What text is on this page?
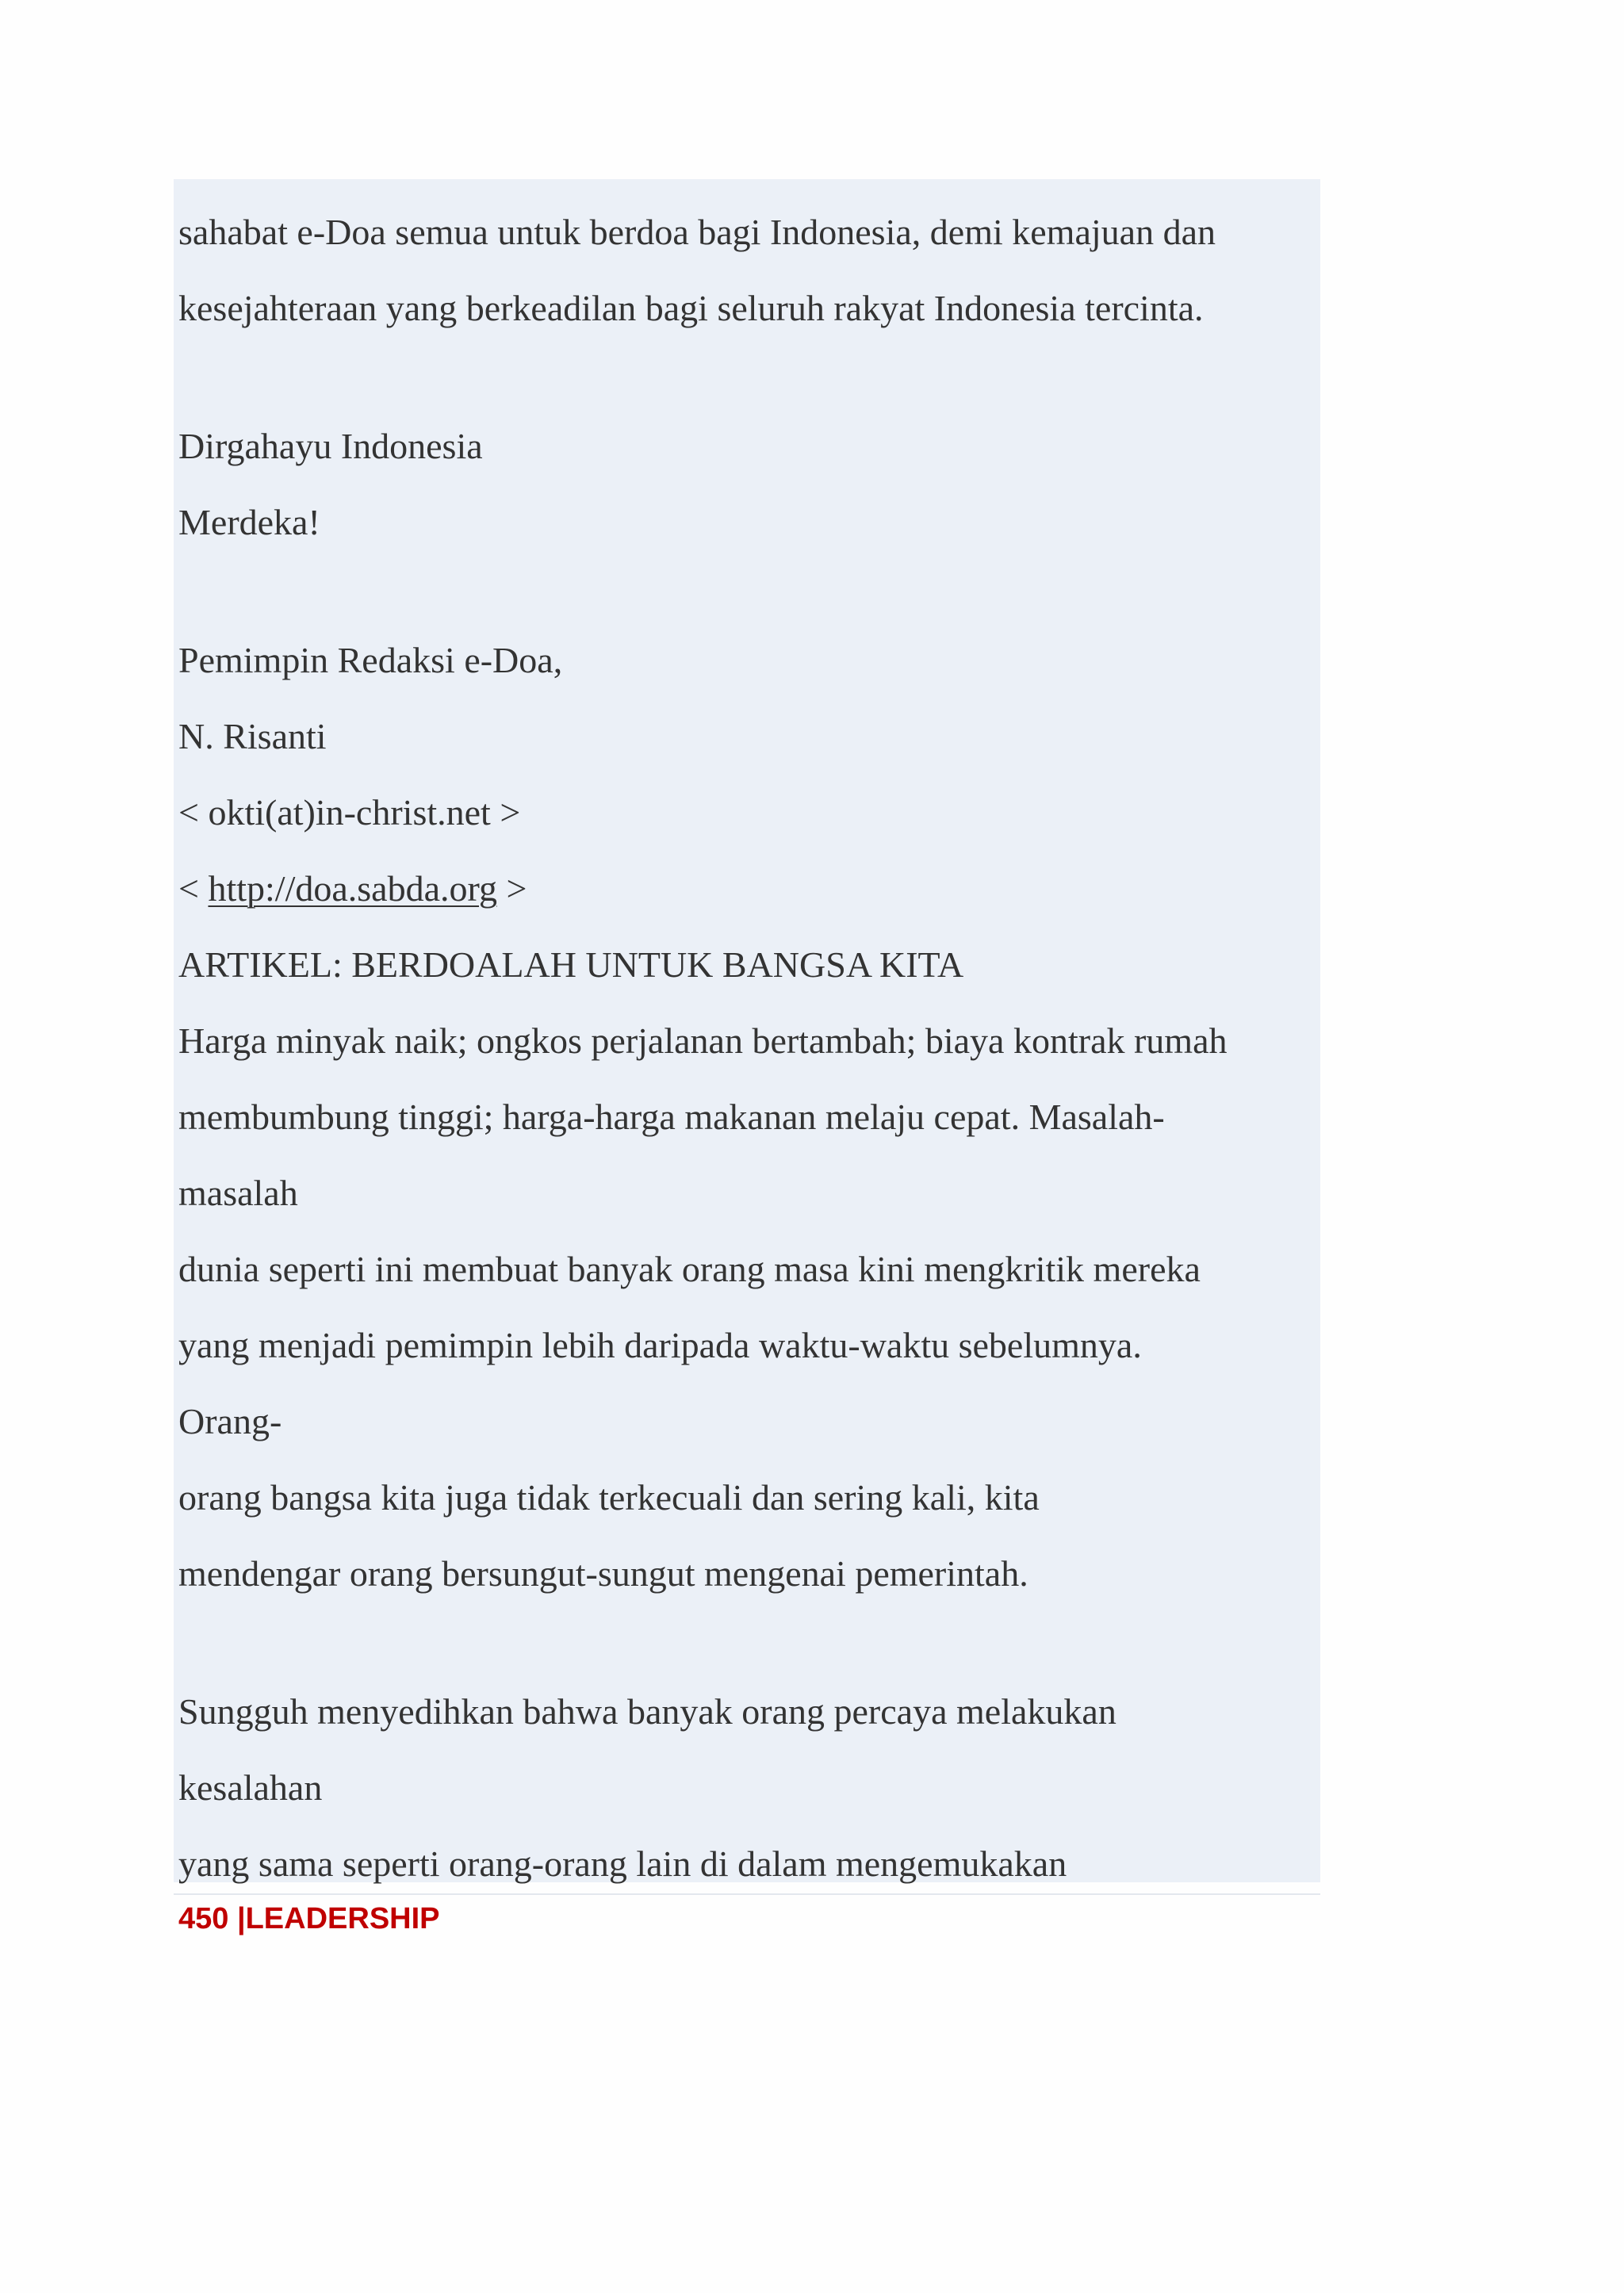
sahabat e-Doa semua untuk berdoa bagi Indonesia, demi kemajuan dan

kesejahteraan yang berkeadilan bagi seluruh rakyat Indonesia tercinta.

Dirgahayu Indonesia

Merdeka!

Pemimpin Redaksi e-Doa,

N. Risanti

< okti(at)in-christ.net >

< http://doa.sabda.org >

ARTIKEL: BERDOALAH UNTUK BANGSA KITA

Harga minyak naik; ongkos perjalanan bertambah; biaya kontrak rumah

membumbung tinggi; harga-harga makanan melaju cepat. Masalah-

masalah

dunia seperti ini membuat banyak orang masa kini mengkritik mereka

yang menjadi pemimpin lebih daripada waktu-waktu sebelumnya.

Orang-

orang bangsa kita juga tidak terkecuali dan sering kali, kita

mendengar orang bersungut-sungut mengenai pemerintah.

Sungguh menyedihkan bahwa banyak orang percaya melakukan

kesalahan

yang sama seperti orang-orang lain di dalam mengemukakan

450 |LEADERSHIP
